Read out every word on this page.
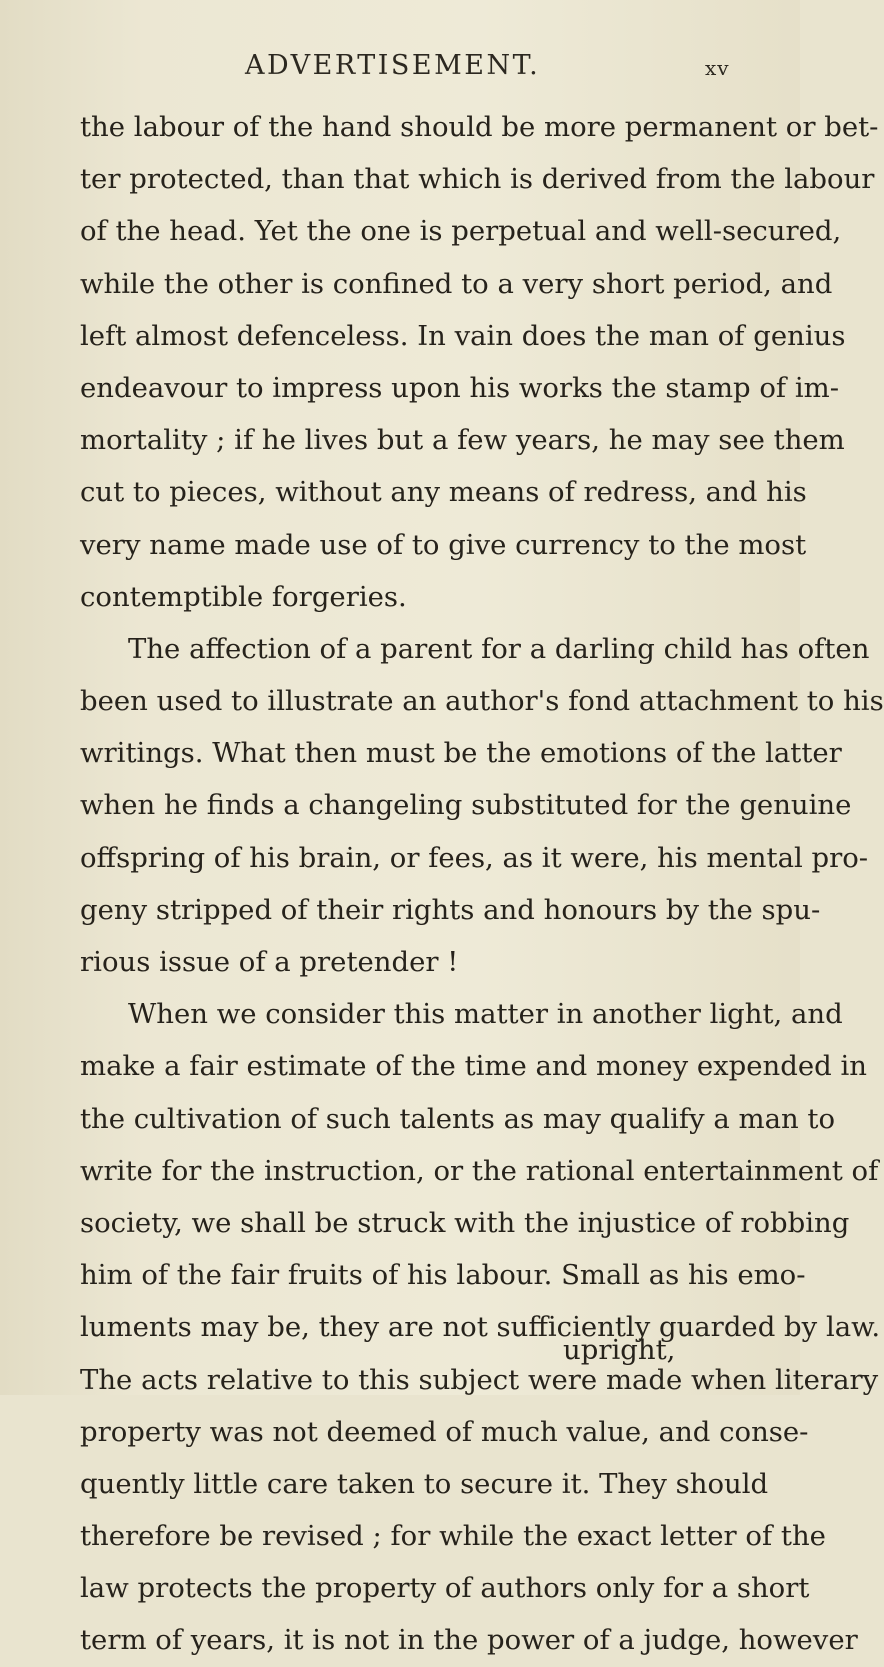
ADVERTISEMENT.	xv
the labour of the hand should be more permanent or bet-
ter protected, than that which is derived from the labour
of the head. Yet the one is perpetual and well-secured,
while the other is confined to a very short period, and
left almost defenceless. In vain does the man of genius
endeavour to impress upon his works the stamp of im-
mortality ; if he lives but a few years, he may see them
cut to pieces, without any means of redress, and his
very name made use of to give currency to the most
contemptible forgeries.
The affection of a parent for a darling child has often
been used to illustrate an author's fond attachment to his
writings. What then must be the emotions of the latter
when he finds a changeling substituted for the genuine
offspring of his brain, or fees, as it were, his mental pro-
geny stripped of their rights and honours by the spu-
rious issue of a pretender !
When we consider this matter in another light, and
make a fair estimate of the time and money expended in
the cultivation of such talents as may qualify a man to
write for the instruction, or the rational entertainment of
society, we shall be struck with the injustice of robbing
him of the fair fruits of his labour. Small as his emo-
luments may be, they are not sufficiently guarded by law.
The acts relative to this subject were made when literary
property was not deemed of much value, and conse-
quently little care taken to secure it. They should
therefore be revised ; for while the exact letter of the
law protects the property of authors only for a short
term of years, it is not in the power of a judge, however
upright,
